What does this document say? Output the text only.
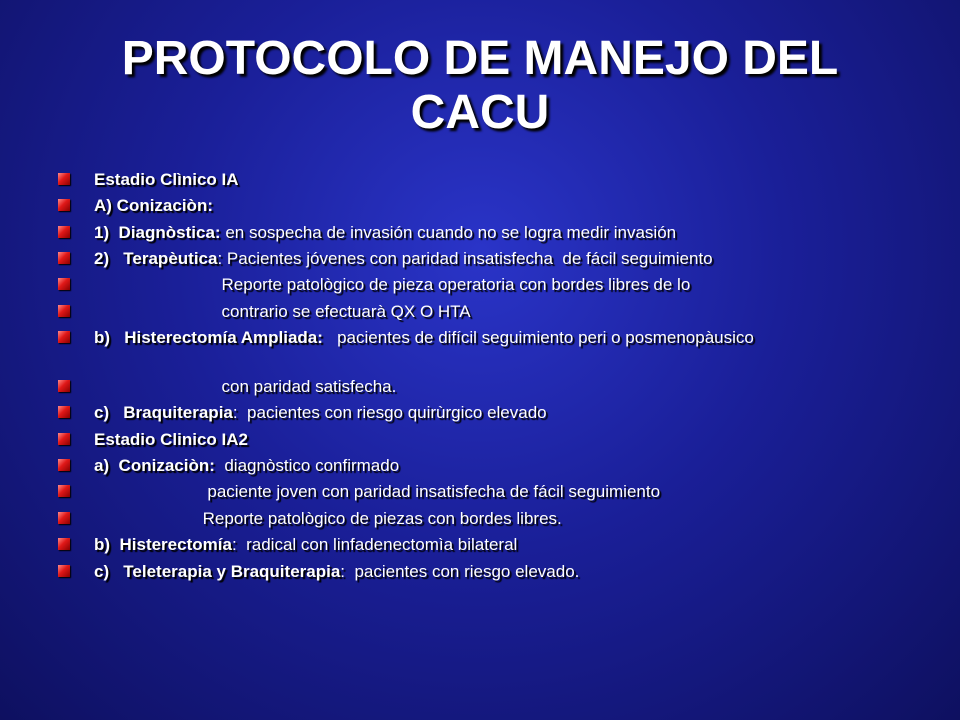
PROTOCOLO DE MANEJO DEL
CACU
Estadio Clìnico IA
A) Conizaciòn:
1)  Diagnòstica: en sospecha de invasión cuando no se logra medir invasión
2)   Terapèutica: Pacientes jóvenes con paridad insatisfecha  de fácil seguimiento
Reporte patològico de pieza operatoria con bordes libres de lo
contrario se efectuarà QX O HTA
b)   Histerectomía Ampliada:   pacientes de difícil seguimiento peri o posmenopàusico
con paridad satisfecha.
c)   Braquiterapia:  pacientes con riesgo quirùrgico elevado
Estadio Clinico IA2
a)  Conizaciòn:  diagnòstico confirmado
paciente joven con paridad insatisfecha de fácil seguimiento
Reporte patològico de piezas con bordes libres.
b)  Histerectomía:  radical con linfadenectomìa bilateral
c)   Teleterapia y Braquiterapia:  pacientes con riesgo elevado.
